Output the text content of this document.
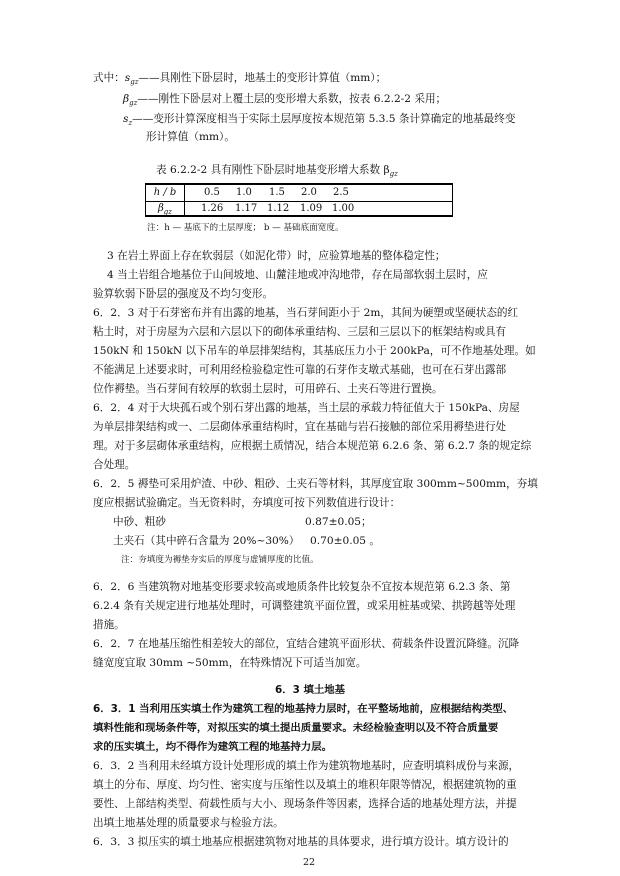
式中：$s_{gz}——$具刚性下卧层时，地基土的变形计算值（mm）；
$\beta_{gz}——$刚性下卧层对上覆土层的变形增大系数，按表 6.2.2-2 采用；
$s_z——$变形计算深度相当于实际土层厚度按本规范第 5.3.5 条计算确定的地基最终变
形计算值（mm）。
表 6.2.2-2 具有刚性下卧层时地基变形增大系数 $\beta_{gz}$
h / b	0.5 1.0 1.5 2.0 2.5
$\beta_{gz}$	1.26 1.17 1.12 1.09 1.00
注：h — 基底下的土层厚度； b — 基础底面宽度。
3 在岩土界面上存在软弱层（如泥化带）时，应验算地基的整体稳定性；
4 当土岩组合地基位于山间坡地、山麓洼地或冲沟地带，存在局部软弱土层时，应
验算软弱下卧层的强度及不均匀变形。
6．2．3 对于石芽密布并有出露的地基，当石芽间距小于 2m，其间为硬塑或坚硬状态的红
粘土时，对于房屋为六层和六层以下的砌体承重结构、三层和三层以下的框架结构或具有
150kN 和 150kN 以下吊车的单层排架结构，其基底压力小于 200kPa，可不作地基处理。如
不能满足上述要求时，可利用经检验稳定性可靠的石芽作支墩式基础，也可在石芽出露部
位作褥垫。当石芽间有较厚的软弱土层时，可用碎石、土夹石等进行置换。
6．2．4 对于大块孤石或个别石芽出露的地基，当土层的承载力特征值大于 150kPa、房屋
为单层排架结构或一、二层砌体承重结构时，宜在基础与岩石接触的部位采用褥垫进行处
理。对于多层砌体承重结构，应根据土质情况，结合本规范第 6.2.6 条、第 6.2.7 条的规定综
合处理。
6．2．5 褥垫可采用炉渣、中砂、粗砂、土夹石等材料，其厚度宜取 300mm~500mm，夯填
度应根据试验确定。当无资料时，夯填度可按下列数值进行设计：
中砂、粗砂	0.87±0.05；
土夹石（其中碎石含量为 20%~30%） 0.70±0.05 。
注：夯填度为褥垫夯实后的厚度与虚铺厚度的比值。
6．2．6 当建筑物对地基变形要求较高或地质条件比较复杂不宜按本规范第 6.2.3 条、第
6.2.4 条有关规定进行地基处理时，可调整建筑平面位置，或采用桩基或梁、拱跨越等处理
措施。
6．2．7 在地基压缩性相差较大的部位，宜结合建筑平面形状、荷载条件设置沉降缝。沉降
缝宽度宜取 30mm ~50mm，在特殊情况下可适当加宽。
6．3 填土地基
6．3．1 当利用压实填土作为建筑工程的地基持力层时，在平整场地前，应根据结构类型、
填料性能和现场条件等，对拟压实的填土提出质量要求。未经检验查明以及不符合质量要
求的压实填土，均不得作为建筑工程的地基持力层。
6．3．2 当利用未经填方设计处理形成的填土作为建筑物地基时，应查明填料成份与来源，
填土的分布、厚度、均匀性、密实度与压缩性以及填土的堆积年限等情况，根据建筑物的重
要性、上部结构类型、荷载性质与大小、现场条件等因素，选择合适的地基处理方法，并提
出填土地基处理的质量要求与检验方法。
6．3．3 拟压实的填土地基应根据建筑物对地基的具体要求，进行填方设计。填方设计的
22
